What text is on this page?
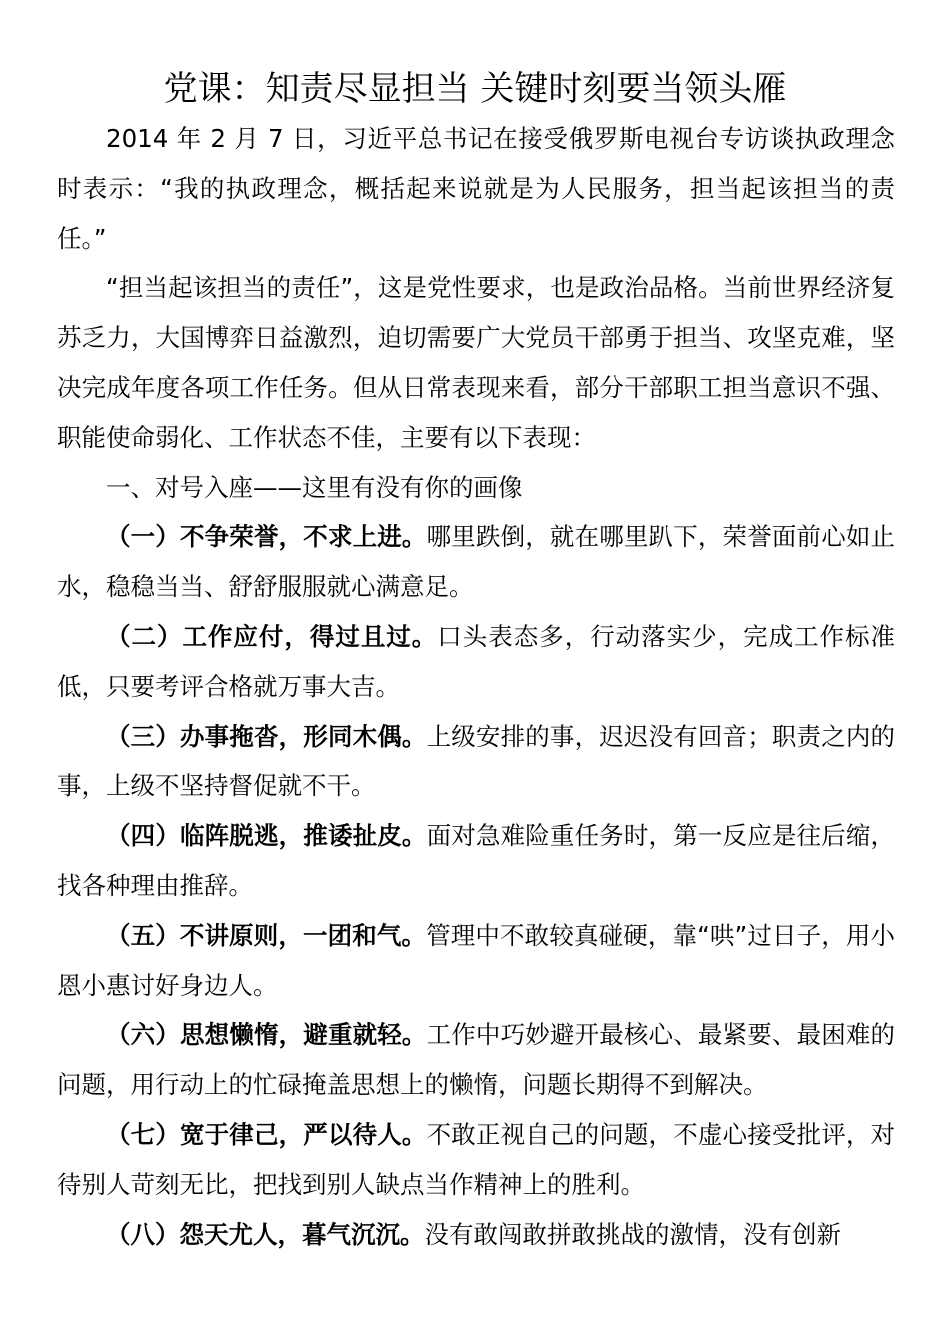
党课：知责尽显担当 关键时刻要当领头雁

2014 年 2 月 7 日，习近平总书记在接受俄罗斯电视台专访谈执政理念时表示：“我的执政理念，概括起来说就是为人民服务，担当起该担当的责任。”

“担当起该担当的责任”，这是党性要求，也是政治品格。当前世界经济复苏乏力，大国博弈日益激烈，迫切需要广大党员干部勇于担当、攻坚克难，坚决完成年度各项工作任务。但从日常表现来看，部分干部职工担当意识不强、职能使命弱化、工作状态不佳，主要有以下表现：

一、对号入座——这里有没有你的画像

（一）不争荣誉，不求上进。哪里跌倒，就在哪里趴下，荣誉面前心如止水，稳稳当当、舒舒服服就心满意足。

（二）工作应付，得过且过。口头表态多，行动落实少，完成工作标准低，只要考评合格就万事大吉。

（三）办事拖沓，形同木偶。上级安排的事，迟迟没有回音；职责之内的事，上级不坚持督促就不干。

（四）临阵脱逃，推诿扯皮。面对急难险重任务时，第一反应是往后缩，找各种理由推辞。

（五）不讲原则，一团和气。管理中不敢较真碰硬，靠“哄”过日子，用小恩小惠讨好身边人。

（六）思想懒惰，避重就轻。工作中巧妙避开最核心、最紧要、最困难的问题，用行动上的忙碌掩盖思想上的懒惰，问题长期得不到解决。

（七）宽于律己，严以待人。不敢正视自己的问题，不虚心接受批评，对待别人苛刻无比，把找到别人缺点当作精神上的胜利。

（八）怨天尤人，暮气沉沉。没有敢闯敢拼敢挑战的激情，没有创新
